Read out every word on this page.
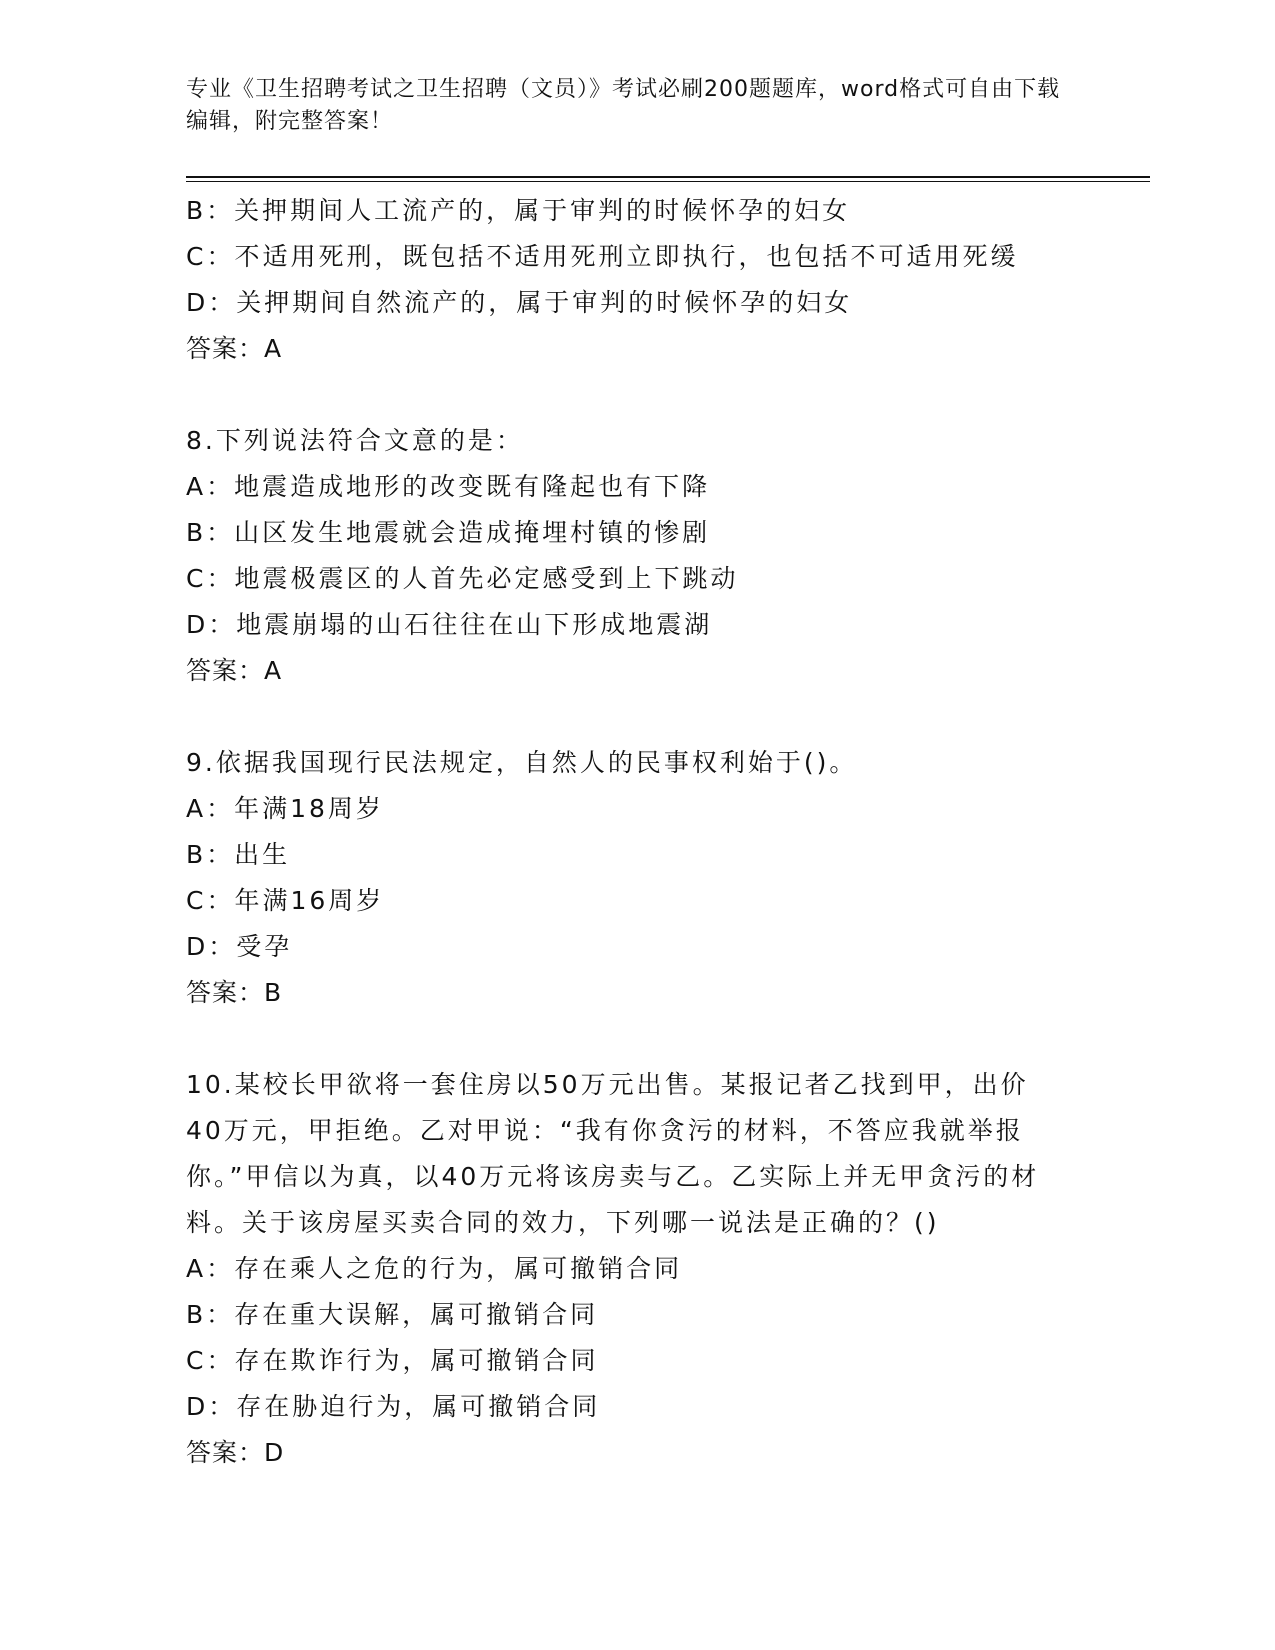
专业《卫生招聘考试之卫生招聘（文员）》考试必刷200题题库，word格式可自由下载编辑，附完整答案！
B：关押期间人工流产的，属于审判的时候怀孕的妇女
C：不适用死刑，既包括不适用死刑立即执行，也包括不可适用死缓
D：关押期间自然流产的，属于审判的时候怀孕的妇女
答案：A
8.下列说法符合文意的是：
A：地震造成地形的改变既有隆起也有下降
B：山区发生地震就会造成掩埋村镇的惨剧
C：地震极震区的人首先必定感受到上下跳动
D：地震崩塌的山石往往在山下形成地震湖
答案：A
9.依据我国现行民法规定，自然人的民事权利始于()。
A：年满18周岁
B：出生
C：年满16周岁
D：受孕
答案：B
10.某校长甲欲将一套住房以50万元出售。某报记者乙找到甲，出价40万元，甲拒绝。乙对甲说：“我有你贪污的材料，不答应我就举报你。”甲信以为真，以40万元将该房卖与乙。乙实际上并无甲贪污的材料。关于该房屋买卖合同的效力，下列哪一说法是正确的？()
A：存在乘人之危的行为，属可撤销合同
B：存在重大误解，属可撤销合同
C：存在欺诈行为，属可撤销合同
D：存在胁迫行为，属可撤销合同
答案：D
